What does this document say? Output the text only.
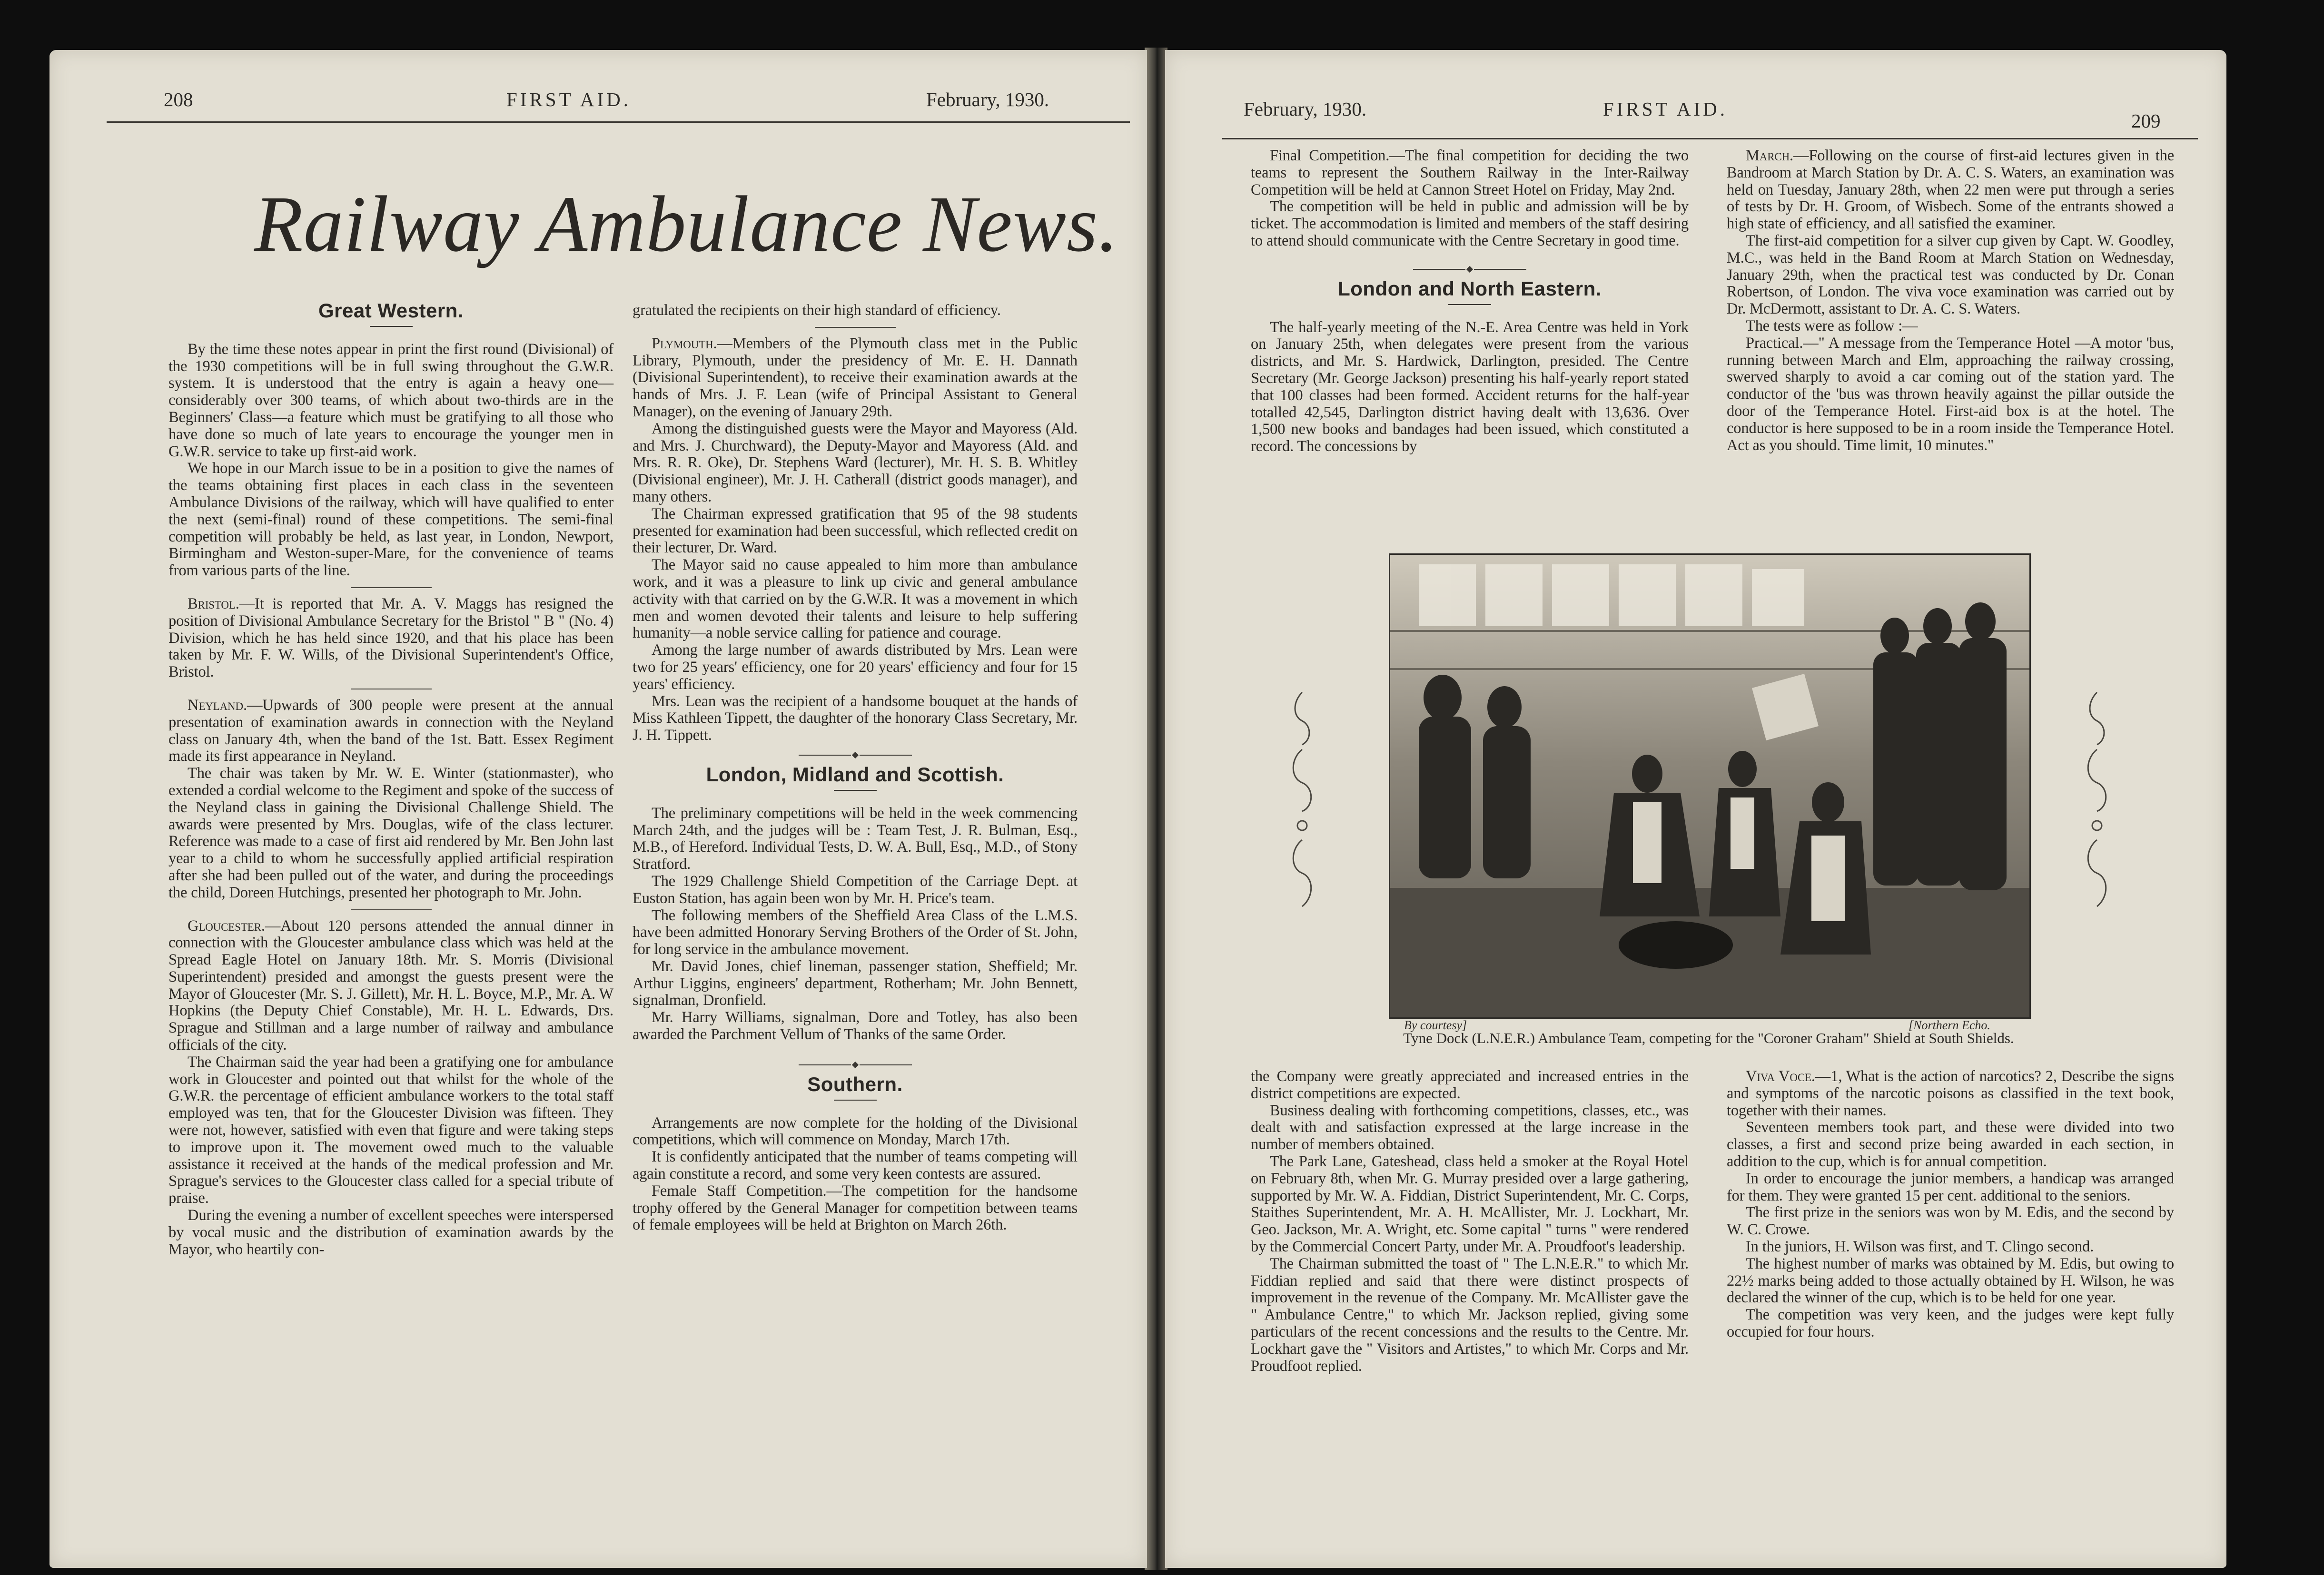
208	FIRST AID.	February, 1930.
Railway Ambulance News.
Great Western.

By the time these notes appear in print the first round (Divisional) of the 1930 competitions will be in full swing throughout the G.W.R. system. It is understood that the entry is again a heavy one—considerably over 300 teams, of which about two-thirds are in the Beginners' Class—a feature which must be gratifying to all those who have done so much of late years to encourage the younger men in G.W.R. service to take up first-aid work.

We hope in our March issue to be in a position to give the names of the teams obtaining first places in each class in the seventeen Ambulance Divisions of the railway, which will have qualified to enter the next (semi-final) round of these competitions. The semi-final competition will probably be held, as last year, in London, Newport, Birmingham and Weston-super-Mare, for the convenience of teams from various parts of the line.

Bristol.—It is reported that Mr. A. V. Maggs has resigned the position of Divisional Ambulance Secretary for the Bristol " B " (No. 4) Division, which he has held since 1920, and that his place has been taken by Mr. F. W. Wills, of the Divisional Superintendent's Office, Bristol.

Neyland.—Upwards of 300 people were present at the annual presentation of examination awards in connection with the Neyland class on January 4th, when the band of the 1st. Batt. Essex Regiment made its first appearance in Neyland.

The chair was taken by Mr. W. E. Winter (stationmaster), who extended a cordial welcome to the Regiment and spoke of the success of the Neyland class in gaining the Divisional Challenge Shield. The awards were presented by Mrs. Douglas, wife of the class lecturer. Reference was made to a case of first aid rendered by Mr. Ben John last year to a child to whom he successfully applied artificial respiration after she had been pulled out of the water, and during the proceedings the child, Doreen Hutchings, presented her photograph to Mr. John.

Gloucester.—About 120 persons attended the annual dinner in connection with the Gloucester ambulance class which was held at the Spread Eagle Hotel on January 18th. Mr. S. Morris (Divisional Superintendent) presided and amongst the guests present were the Mayor of Gloucester (Mr. S. J. Gillett), Mr. H. L. Boyce, M.P., Mr. A. W Hopkins (the Deputy Chief Constable), Mr. H. L. Edwards, Drs. Sprague and Stillman and a large number of railway and ambulance officials of the city.

The Chairman said the year had been a gratifying one for ambulance work in Gloucester and pointed out that whilst for the whole of the G.W.R. the percentage of efficient ambulance workers to the total staff employed was ten, that for the Gloucester Division was fifteen. They were not, however, satisfied with even that figure and were taking steps to improve upon it. The movement owed much to the valuable assistance it received at the hands of the medical profession and Mr. Sprague's services to the Gloucester class called for a special tribute of praise.

During the evening a number of excellent speeches were interspersed by vocal music and the distribution of examination awards by the Mayor, who heartily con-

gratulated the recipients on their high standard of efficiency.

Plymouth.—Members of the Plymouth class met in the Public Library, Plymouth, under the presidency of Mr. E. H. Dannath (Divisional Superintendent), to receive their examination awards at the hands of Mrs. J. F. Lean (wife of Principal Assistant to General Manager), on the evening of January 29th.

Among the distinguished guests were the Mayor and Mayoress (Ald. and Mrs. J. Churchward), the Deputy-Mayor and Mayoress (Ald. and Mrs. R. R. Oke), Dr. Stephens Ward (lecturer), Mr. H. S. B. Whitley (Divisional engineer), Mr. J. H. Catherall (district goods manager), and many others.

The Chairman expressed gratification that 95 of the 98 students presented for examination had been successful, which reflected credit on their lecturer, Dr. Ward.

The Mayor said no cause appealed to him more than ambulance work, and it was a pleasure to link up civic and general ambulance activity with that carried on by the G.W.R. It was a movement in which men and women devoted their talents and leisure to help suffering humanity—a noble service calling for patience and courage.

Among the large number of awards distributed by Mrs. Lean were two for 25 years' efficiency, one for 20 years' efficiency and four for 15 years' efficiency.

Mrs. Lean was the recipient of a handsome bouquet at the hands of Miss Kathleen Tippett, the daughter of the honorary Class Secretary, Mr. J. H. Tippett.

London, Midland and Scottish.

The preliminary competitions will be held in the week commencing March 24th, and the judges will be : Team Test, J. R. Bulman, Esq., M.B., of Hereford. Individual Tests, D. W. A. Bull, Esq., M.D., of Stony Stratford.

The 1929 Challenge Shield Competition of the Carriage Dept. at Euston Station, has again been won by Mr. H. Price's team.

The following members of the Sheffield Area Class of the L.M.S. have been admitted Honorary Serving Brothers of the Order of St. John, for long service in the ambulance movement.

Mr. David Jones, chief lineman, passenger station, Sheffield; Mr. Arthur Liggins, engineers' department, Rotherham; Mr. John Bennett, signalman, Dronfield.

Mr. Harry Williams, signalman, Dore and Totley, has also been awarded the Parchment Vellum of Thanks of the same Order.

Southern.

Arrangements are now complete for the holding of the Divisional competitions, which will commence on Monday, March 17th.

It is confidently anticipated that the number of teams competing will again constitute a record, and some very keen contests are assured.

Female Staff Competition.—The competition for the handsome trophy offered by the General Manager for competition between teams of female employees will be held at Brighton on March 26th.

February, 1930.	FIRST AID.
209

Final Competition.—The final competition for deciding the two teams to represent the Southern Railway in the Inter-Railway Competition will be held at Cannon Street Hotel on Friday, May 2nd.

The competition will be held in public and admission will be by ticket. The accommodation is limited and members of the staff desiring to attend should communicate with the Centre Secretary in good time.

London and North Eastern.

The half-yearly meeting of the N.-E. Area Centre was held in York on January 25th, when delegates were present from the various districts, and Mr. S. Hardwick, Darlington, presided. The Centre Secretary (Mr. George Jackson) presenting his half-yearly report stated that 100 classes had been formed. Accident returns for the half-year totalled 42,545, Darlington district having dealt with 13,636. Over 1,500 new books and bandages had been issued, which constituted a record. The concessions by

March.—Following on the course of first-aid lectures given in the Bandroom at March Station by Dr. A. C. S. Waters, an examination was held on Tuesday, January 28th, when 22 men were put through a series of tests by Dr. H. Groom, of Wisbech. Some of the entrants showed a high state of efficiency, and all satisfied the examiner.

The first-aid competition for a silver cup given by Capt. W. Goodley, M.C., was held in the Band Room at March Station on Wednesday, January 29th, when the practical test was conducted by Dr. Conan Robertson, of London. The viva voce examination was carried out by Dr. McDermott, assistant to Dr. A. C. S. Waters.

The tests were as follow :—

Practical.—" A message from the Temperance Hotel —A motor 'bus, running between March and Elm, approaching the railway crossing, swerved sharply to avoid a car coming out of the station yard. The conductor of the 'bus was thrown heavily against the pillar outside the door of the Temperance Hotel. First-aid box is at the hotel. The conductor is here supposed to be in a room inside the Temperance Hotel. Act as you should. Time limit, 10 minutes."

the Company were greatly appreciated and increased entries in the district competitions are expected.

Business dealing with forthcoming competitions, classes, etc., was dealt with and satisfaction expressed at the large increase in the number of members obtained.

The Park Lane, Gateshead, class held a smoker at the Royal Hotel on February 8th, when Mr. G. Murray presided over a large gathering, supported by Mr. W. A. Fiddian, District Superintendent, Mr. C. Corps, Staithes Superintendent, Mr. A. H. McAllister, Mr. J. Lockhart, Mr. Geo. Jackson, Mr. A. Wright, etc. Some capital " turns " were rendered by the Commercial Concert Party, under Mr. A. Proudfoot's leadership.

The Chairman submitted the toast of " The L.N.E.R." to which Mr. Fiddian replied and said that there were distinct prospects of improvement in the revenue of the Company. Mr. McAllister gave the " Ambulance Centre," to which Mr. Jackson replied, giving some particulars of the recent concessions and the results to the Centre. Mr. Lockhart gave the " Visitors and Artistes," to which Mr. Corps and Mr. Proudfoot replied.

Viva Voce.—1, What is the action of narcotics? 2, Describe the signs and symptoms of the narcotic poisons as classified in the text book, together with their names.

Seventeen members took part, and these were divided into two classes, a first and second prize being awarded in each section, in addition to the cup, which is for annual competition.

In order to encourage the junior members, a handicap was arranged for them. They were granted 15 per cent. additional to the seniors.

The first prize in the seniors was won by M. Edis, and the second by W. C. Crowe.

In the juniors, H. Wilson was first, and T. Clingo second.

The highest number of marks was obtained by M. Edis, but owing to 22½ marks being added to those actually obtained by H. Wilson, he was declared the winner of the cup, which is to be held for one year.

The competition was very keen, and the judges were kept fully occupied for four hours.

By courtesy]	[Northern Echo.
Tyne Dock (L.N.E.R.) Ambulance Team, competing for the "Coroner Graham" Shield at South Shields.
